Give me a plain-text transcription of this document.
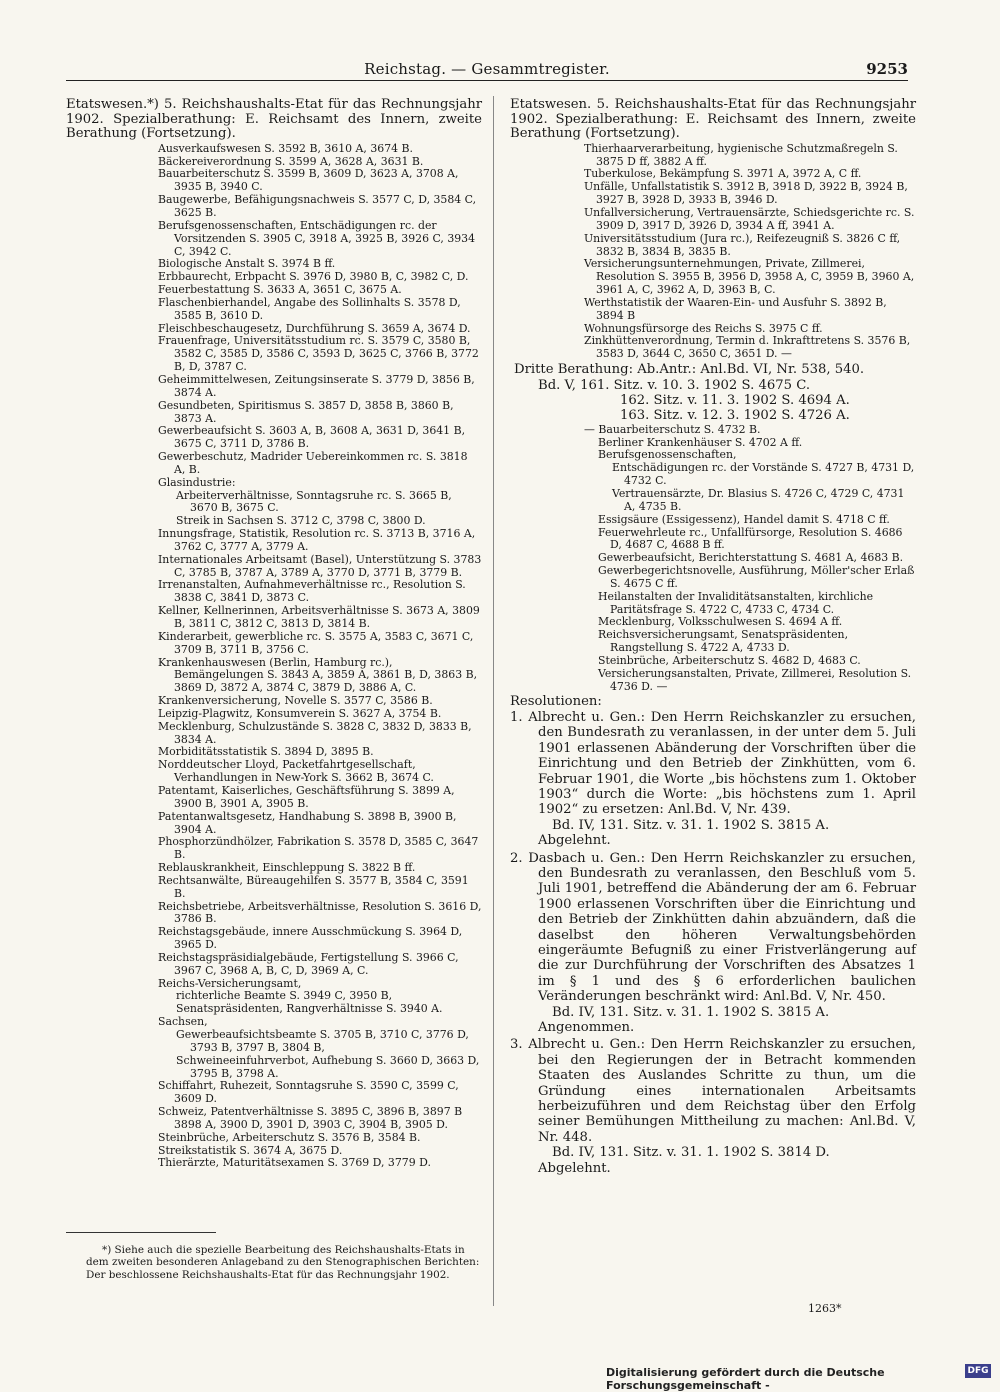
Reichstag. — Gesammtregister.	9253

Etatswesen.*) 5. Reichshaushalts-Etat für das Rechnungsjahr 1902. Spezialberathung: E. Reichsamt des Innern, zweite Berathung (Fortsetzung).

Ausverkaufswesen S. 3592 B, 3610 A, 3674 B.

Bäckereiverordnung S. 3599 A, 3628 A, 3631 B.

Bauarbeiterschutz S. 3599 B, 3609 D, 3623 A, 3708 A, 3935 B, 3940 C.

Baugewerbe, Befähigungsnachweis S. 3577 C, D, 3584 C, 3625 B.

Berufsgenossenschaften, Entschädigungen rc. der Vorsitzenden S. 3905 C, 3918 A, 3925 B, 3926 C, 3934 C, 3942 C.

Biologische Anstalt S. 3974 B ff.

Erbbaurecht, Erbpacht S. 3976 D, 3980 B, C, 3982 C, D.

Feuerbestattung S. 3633 A, 3651 C, 3675 A.

Flaschenbierhandel, Angabe des Sollinhalts S. 3578 D, 3585 B, 3610 D.

Fleischbeschaugesetz, Durchführung S. 3659 A, 3674 D.

Frauenfrage, Universitätsstudium rc. S. 3579 C, 3580 B, 3582 C, 3585 D, 3586 C, 3593 D, 3625 C, 3766 B, 3772 B, D, 3787 C.

Geheimmittelwesen, Zeitungsinserate S. 3779 D, 3856 B, 3874 A.

Gesundbeten, Spiritismus S. 3857 D, 3858 B, 3860 B, 3873 A.

Gewerbeaufsicht S. 3603 A, B, 3608 A, 3631 D, 3641 B, 3675 C, 3711 D, 3786 B.

Gewerbeschutz, Madrider Uebereinkommen rc. S. 3818 A, B.

Glasindustrie:

Arbeiterverhältnisse, Sonntagsruhe rc. S. 3665 B, 3670 B, 3675 C.

Streik in Sachsen S. 3712 C, 3798 C, 3800 D.

Innungsfrage, Statistik, Resolution rc. S. 3713 B, 3716 A, 3762 C, 3777 A, 3779 A.

Internationales Arbeitsamt (Basel), Unterstützung S. 3783 C, 3785 B, 3787 A, 3789 A, 3770 D, 3771 B, 3779 B.

Irrenanstalten, Aufnahmeverhältnisse rc., Resolution S. 3838 C, 3841 D, 3873 C.

Kellner, Kellnerinnen, Arbeitsverhältnisse S. 3673 A, 3809 B, 3811 C, 3812 C, 3813 D, 3814 B.

Kinderarbeit, gewerbliche rc. S. 3575 A, 3583 C, 3671 C, 3709 B, 3711 B, 3756 C.

Krankenhauswesen (Berlin, Hamburg rc.), Bemängelungen S. 3843 A, 3859 A, 3861 B, D, 3863 B, 3869 D, 3872 A, 3874 C, 3879 D, 3886 A, C.

Krankenversicherung, Novelle S. 3577 C, 3586 B.

Leipzig-Plagwitz, Konsumverein S. 3627 A, 3754 B.

Mecklenburg, Schulzustände S. 3828 C, 3832 D, 3833 B, 3834 A.

Morbiditätsstatistik S. 3894 D, 3895 B.

Norddeutscher Lloyd, Packetfahrtgesellschaft, Verhandlungen in New-York S. 3662 B, 3674 C.

Patentamt, Kaiserliches, Geschäftsführung S. 3899 A, 3900 B, 3901 A, 3905 B.

Patentanwaltsgesetz, Handhabung S. 3898 B, 3900 B, 3904 A.

Phosphorzündhölzer, Fabrikation S. 3578 D, 3585 C, 3647 B.

Reblauskrankheit, Einschleppung S. 3822 B ff.

Rechtsanwälte, Büreaugehilfen S. 3577 B, 3584 C, 3591 B.

Reichsbetriebe, Arbeitsverhältnisse, Resolution S. 3616 D, 3786 B.

Reichstagsgebäude, innere Ausschmückung S. 3964 D, 3965 D.

Reichstagspräsidialgebäude, Fertigstellung S. 3966 C, 3967 C, 3968 A, B, C, D, 3969 A, C.

Reichs-Versicherungsamt,

richterliche Beamte S. 3949 C, 3950 B,

Senatspräsidenten, Rangverhältnisse S. 3940 A.

Sachsen,

Gewerbeaufsichtsbeamte S. 3705 B, 3710 C, 3776 D, 3793 B, 3797 B, 3804 B,

Schweineeinfuhrverbot, Aufhebung S. 3660 D, 3663 D, 3795 B, 3798 A.

Schiffahrt, Ruhezeit, Sonntagsruhe S. 3590 C, 3599 C, 3609 D.

Schweiz, Patentverhältnisse S. 3895 C, 3896 B, 3897 B 3898 A, 3900 D, 3901 D, 3903 C, 3904 B, 3905 D.

Steinbrüche, Arbeiterschutz S. 3576 B, 3584 B.

Streikstatistik S. 3674 A, 3675 D.

Thierärzte, Maturitätsexamen S. 3769 D, 3779 D.

Etatswesen. 5. Reichshaushalts-Etat für das Rechnungsjahr 1902. Spezialberathung: E. Reichsamt des Innern, zweite Berathung (Fortsetzung).

Thierhaarverarbeitung, hygienische Schutzmaßregeln S. 3875 D ff, 3882 A ff.

Tuberkulose, Bekämpfung S. 3971 A, 3972 A, C ff.

Unfälle, Unfallstatistik S. 3912 B, 3918 D, 3922 B, 3924 B, 3927 B, 3928 D, 3933 B, 3946 D.

Unfallversicherung, Vertrauensärzte, Schiedsgerichte rc. S. 3909 D, 3917 D, 3926 D, 3934 A ff, 3941 A.

Universitätsstudium (Jura rc.), Reifezeugniß S. 3826 C ff, 3832 B, 3834 B, 3835 B.

Versicherungsunternehmungen, Private, Zillmerei, Resolution S. 3955 B, 3956 D, 3958 A, C, 3959 B, 3960 A, 3961 A, C, 3962 A, D, 3963 B, C.

Werthstatistik der Waaren-Ein- und Ausfuhr S. 3892 B, 3894 B

Wohnungsfürsorge des Reichs S. 3975 C ff.

Zinkhüttenverordnung, Termin d. Inkrafttretens S. 3576 B, 3583 D, 3644 C, 3650 C, 3651 D. —

Dritte Berathung: Ab.Antr.: Anl.Bd. VI, Nr. 538, 540.

Bd. V, 161. Sitz. v. 10. 3. 1902 S. 4675 C.

162. Sitz. v. 11. 3. 1902 S. 4694 A.

163. Sitz. v. 12. 3. 1902 S. 4726 A.

— Bauarbeiterschutz S. 4732 B.

Berliner Krankenhäuser S. 4702 A ff.

Berufsgenossenschaften,

Entschädigungen rc. der Vorstände S. 4727 B, 4731 D, 4732 C.

Vertrauensärzte, Dr. Blasius S. 4726 C, 4729 C, 4731 A, 4735 B.

Essigsäure (Essigessenz), Handel damit S. 4718 C ff.

Feuerwehrleute rc., Unfallfürsorge, Resolution S. 4686 D, 4687 C, 4688 B ff.

Gewerbeaufsicht, Berichterstattung S. 4681 A, 4683 B.

Gewerbegerichtsnovelle, Ausführung, Möller'scher Erlaß S. 4675 C ff.

Heilanstalten der Invaliditätsanstalten, kirchliche Paritätsfrage S. 4722 C, 4733 C, 4734 C.

Mecklenburg, Volksschulwesen S. 4694 A ff.

Reichsversicherungsamt, Senatspräsidenten, Rangstellung S. 4722 A, 4733 D.

Steinbrüche, Arbeiterschutz S. 4682 D, 4683 C.

Versicherungsanstalten, Private, Zillmerei, Resolution S. 4736 D. —

Resolutionen:

1. Albrecht u. Gen.: Den Herrn Reichskanzler zu ersuchen, den Bundesrath zu veranlassen, in der unter dem 5. Juli 1901 erlassenen Abänderung der Vorschriften über die Einrichtung und den Betrieb der Zinkhütten, vom 6. Februar 1901, die Worte „bis höchstens zum 1. Oktober 1903“ durch die Worte: „bis höchstens zum 1. April 1902“ zu ersetzen: Anl.Bd. V, Nr. 439.

Bd. IV, 131. Sitz. v. 31. 1. 1902 S. 3815 A.

Abgelehnt.

2. Dasbach u. Gen.: Den Herrn Reichskanzler zu ersuchen, den Bundesrath zu veranlassen, den Beschluß vom 5. Juli 1901, betreffend die Abänderung der am 6. Februar 1900 erlassenen Vorschriften über die Einrichtung und den Betrieb der Zinkhütten dahin abzuändern, daß die daselbst den höheren Verwaltungsbehörden eingeräumte Befugniß zu einer Fristverlängerung auf die zur Durchführung der Vorschriften des Absatzes 1 im § 1 und des § 6 erforderlichen baulichen Veränderungen beschränkt wird: Anl.Bd. V, Nr. 450.

Bd. IV, 131. Sitz. v. 31. 1. 1902 S. 3815 A.

Angenommen.

3. Albrecht u. Gen.: Den Herrn Reichskanzler zu ersuchen, bei den Regierungen der in Betracht kommenden Staaten des Auslandes Schritte zu thun, um die Gründung eines internationalen Arbeitsamts herbeizuführen und dem Reichstag über den Erfolg seiner Bemühungen Mittheilung zu machen: Anl.Bd. V, Nr. 448.

Bd. IV, 131. Sitz. v. 31. 1. 1902 S. 3814 D.

Abgelehnt.

*) Siehe auch die spezielle Bearbeitung des Reichshaushalts-Etats in dem zweiten besonderen Anlageband zu den Stenographischen Berichten: Der beschlossene Reichshaushalts-Etat für das Rechnungsjahr 1902.

1263*
Digitalisierung gefördert durch die Deutsche Forschungsgemeinschaft -
DFG
